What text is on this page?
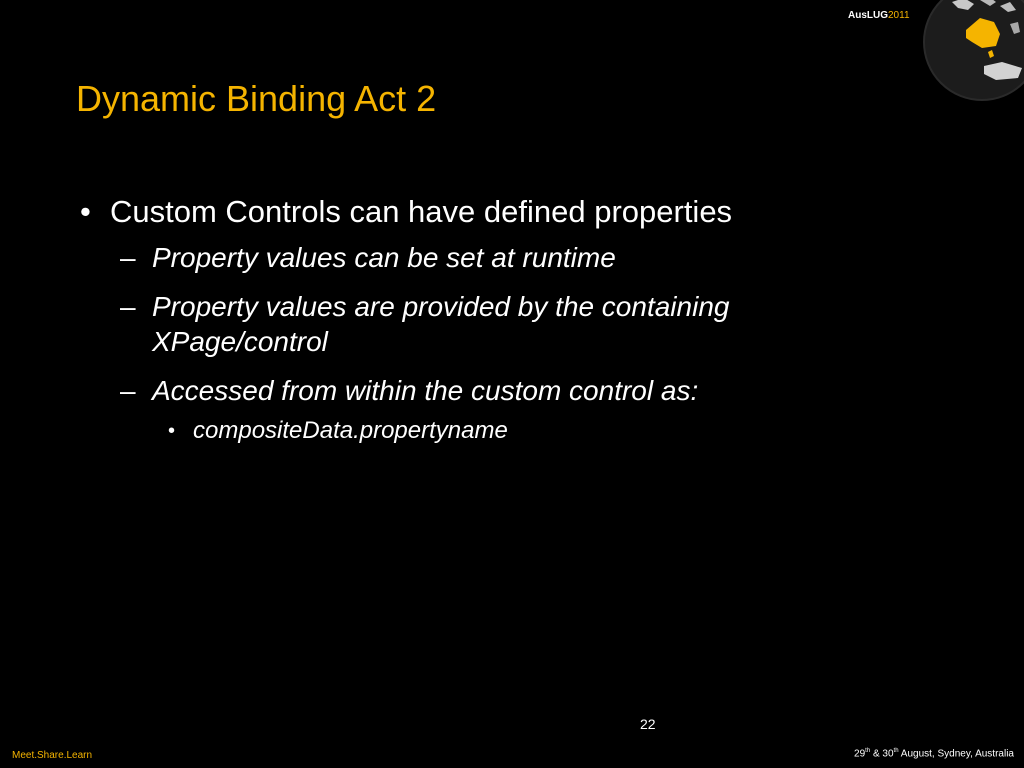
AusLUG2011
Dynamic Binding Act 2
• Custom Controls can have defined properties
– Property values can be set at runtime
– Property values are provided by the containing XPage/control
– Accessed from within the custom control as:
• compositeData.propertyname
22
Meet.Share.Learn	29th & 30th August, Sydney, Australia
